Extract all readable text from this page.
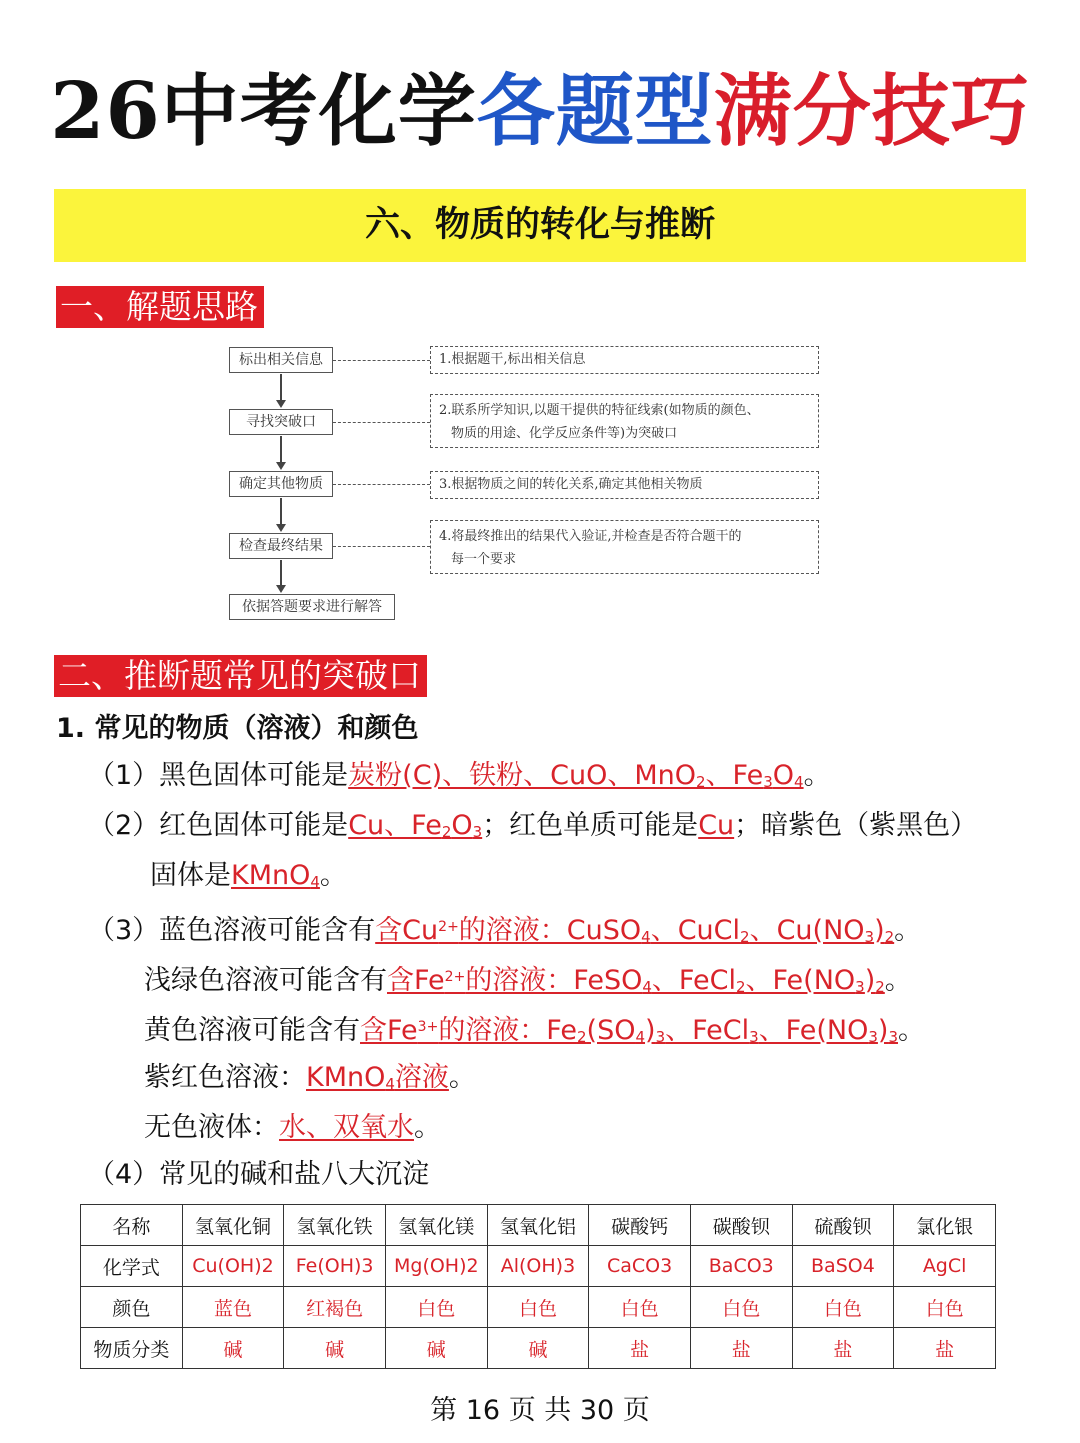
26中考化学各题型满分技巧
六、物质的转化与推断
一、解题思路
标出相关信息
寻找突破口
确定其他物质
检查最终结果
依据答题要求进行解答
1.根据题干,标出相关信息
2.联系所学知识,以题干提供的特征线索(如物质的颜色、
物质的用途、化学反应条件等)为突破口
3.根据物质之间的转化关系,确定其他相关物质
4.将最终推出的结果代入验证,并检查是否符合题干的
每一个要求
二、推断题常见的突破口
1. 常见的物质（溶液）和颜色
（1）黑色固体可能是炭粉(C)、铁粉、CuO、MnO$_2$、$Fe_3O_4$。
（2）红色固体可能是Cu、$Fe_2O_3$；红色单质可能是Cu；暗紫色（紫黑色）
固体是KMnO$_4$。
（3）蓝色溶液可能含有含$Cu^{2+}$的溶液：CuSO$_4$、CuCl$_2$、$Cu(NO_3)_2$。
浅绿色溶液可能含有含$Fe^{2+}$的溶液：FeSO$_4$、FeCl$_2$、$Fe(NO_3)_2$。
黄色溶液可能含有含$Fe^{3+}$的溶液：$Fe_2(SO_4)_3$、FeCl$_3$、$Fe(NO_3)_3$。
紫红色溶液：KMnO$_4$溶液。
无色液体：水、双氧水。
（4）常见的碱和盐八大沉淀
名称	氢氧化铜	氢氧化铁	氢氧化镁	氢氧化铝	碳酸钙	碳酸钡	硫酸钡	氯化银
化学式	Cu(OH)2	Fe(OH)3	Mg(OH)2	Al(OH)3	CaCO3	BaCO3	BaSO4	AgCl
颜色	蓝色	红褐色	白色	白色	白色	白色	白色	白色
物质分类	碱	碱	碱	碱	盐	盐	盐	盐
第 16 页 共 30 页
